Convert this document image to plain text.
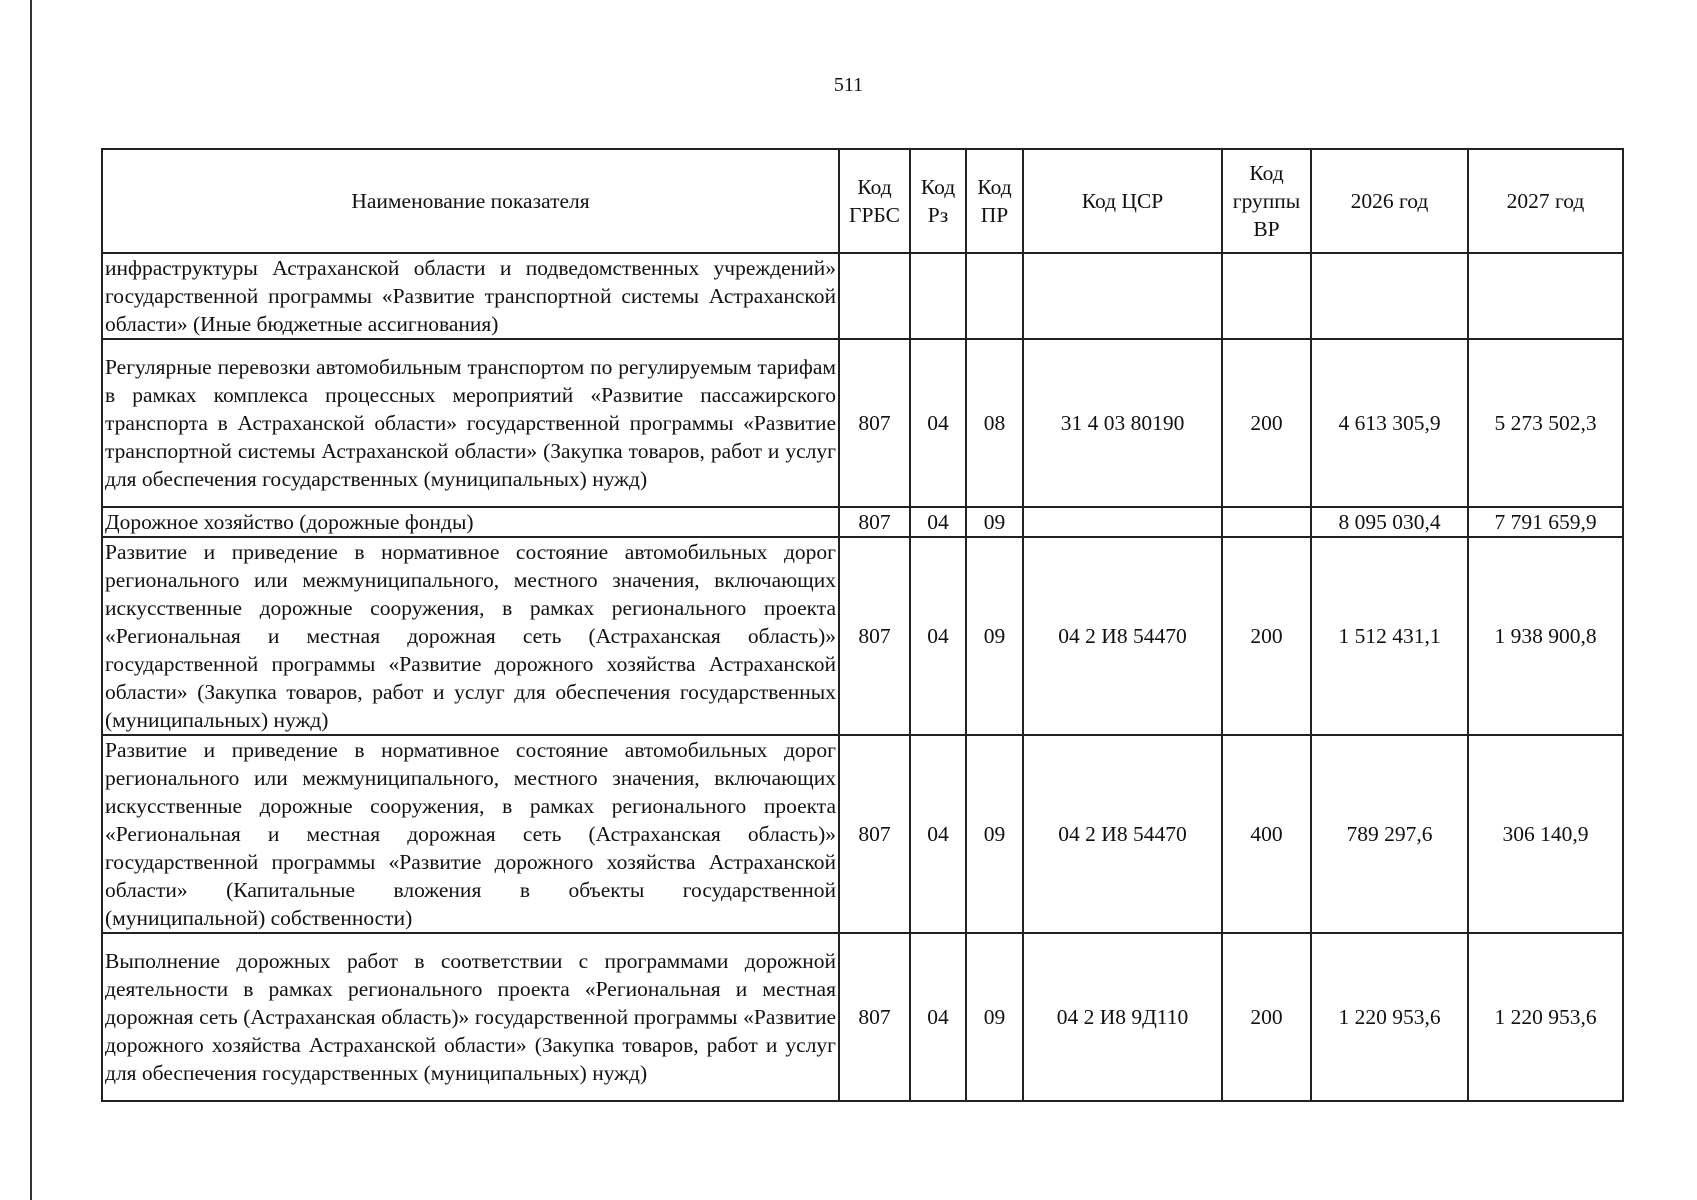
511
Наименование показателя	Код ГРБС	Код Рз	Код ПР	Код ЦСР	Код группы ВР	2026 год	2027 год
инфраструктуры Астраханской области и подведомственных учреждений» государственной программы «Развитие транспортной системы Астраханской области» (Иные бюджетные ассигнования)							
Регулярные перевозки автомобильным транспортом по регулируемым тарифам в рамках комплекса процессных мероприятий «Развитие пассажирского транспорта в Астраханской области» государственной программы «Развитие транспортной системы Астраханской области» (Закупка товаров, работ и услуг для обеспечения государственных (муниципальных) нужд)	807	04	08	31 4 03 80190	200	4 613 305,9	5 273 502,3
Дорожное хозяйство (дорожные фонды)	807	04	09			8 095 030,4	7 791 659,9
Развитие и приведение в нормативное состояние автомобильных дорог регионального или межмуниципального, местного значения, включающих искусственные дорожные сооружения, в рамках регионального проекта «Региональная и местная дорожная сеть (Астраханская область)» государственной программы «Развитие дорожного хозяйства Астраханской области» (Закупка товаров, работ и услуг для обеспечения государственных (муниципальных) нужд)	807	04	09	04 2 И8 54470	200	1 512 431,1	1 938 900,8
Развитие и приведение в нормативное состояние автомобильных дорог регионального или межмуниципального, местного значения, включающих искусственные дорожные сооружения, в рамках регионального проекта «Региональная и местная дорожная сеть (Астраханская область)» государственной программы «Развитие дорожного хозяйства Астраханской области» (Капитальные вложения в объекты государственной (муниципальной) собственности)	807	04	09	04 2 И8 54470	400	789 297,6	306 140,9
Выполнение дорожных работ в соответствии с программами дорожной деятельности в рамках регионального проекта «Региональная и местная дорожная сеть (Астраханская область)» государственной программы «Развитие дорожного хозяйства Астраханской области» (Закупка товаров, работ и услуг для обеспечения государственных (муниципальных) нужд)	807	04	09	04 2 И8 9Д110	200	1 220 953,6	1 220 953,6
